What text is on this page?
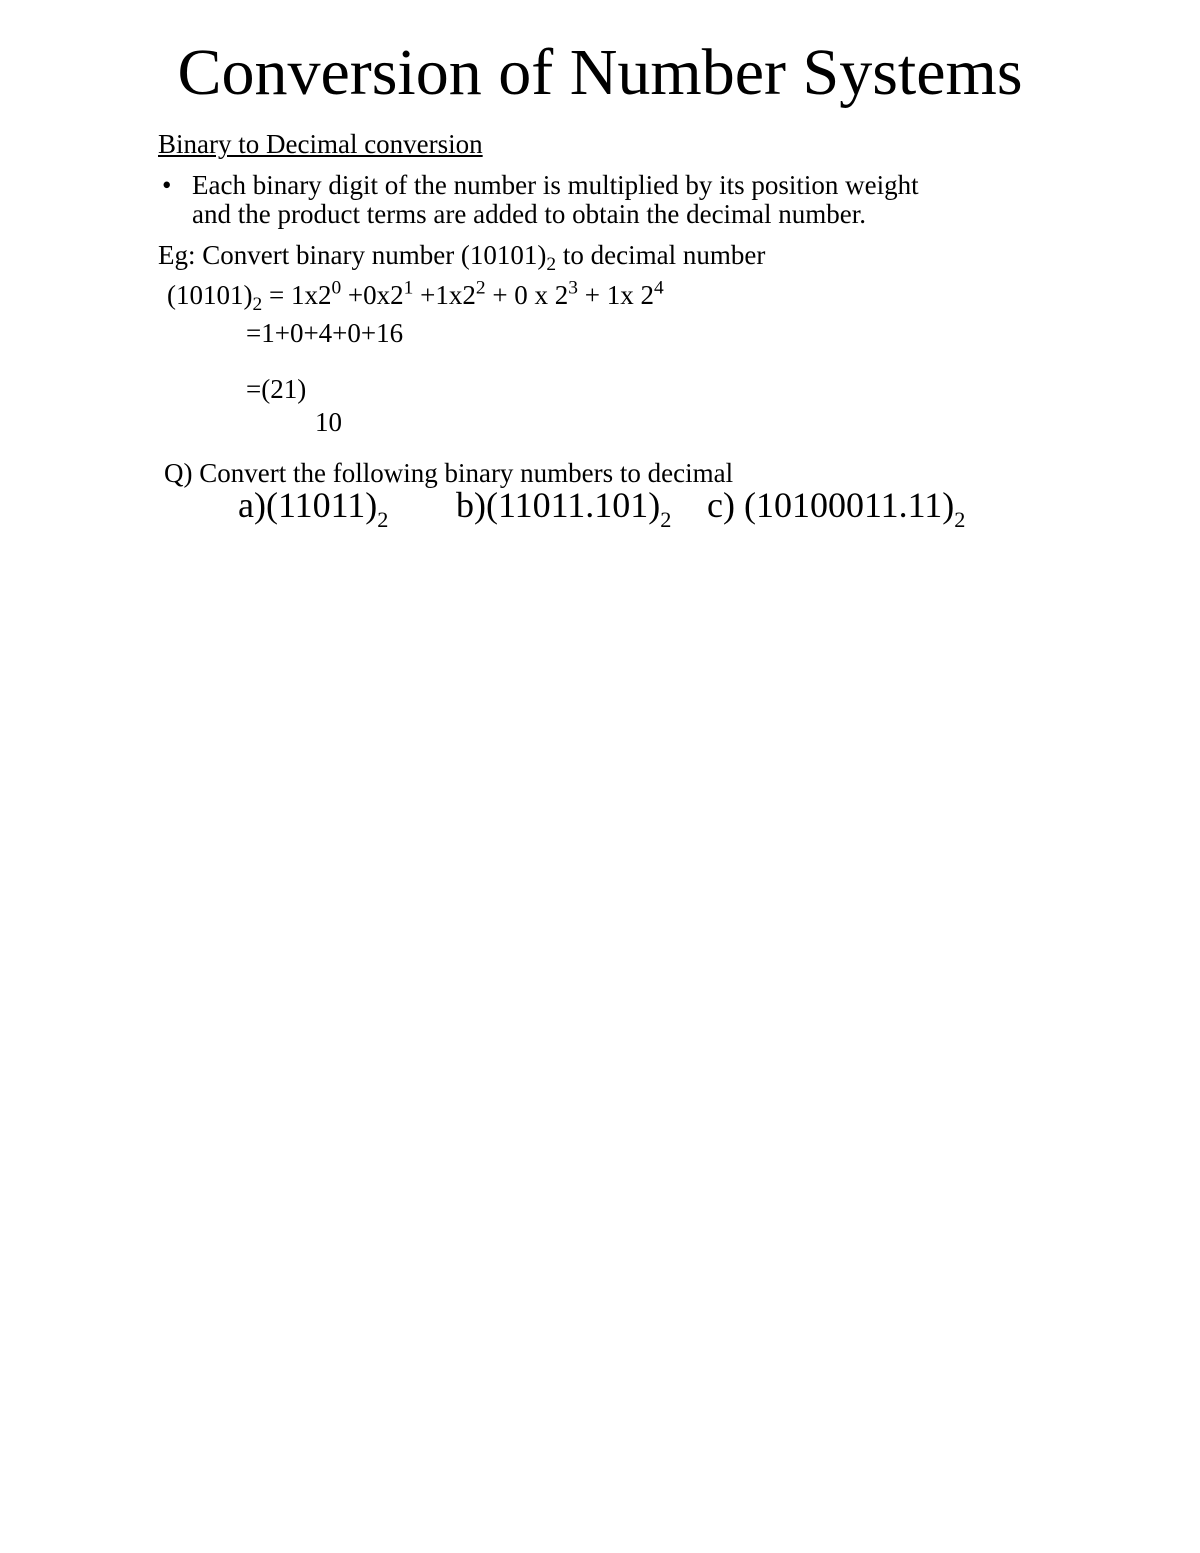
Conversion of Number Systems
Binary to Decimal conversion
• Each binary digit of the number is multiplied by its position weight
and the product terms are added to obtain the decimal number.
Eg: Convert binary number $(10101)_2$ to decimal number
$(10101)_2 = 1x2^0 +0x2^1 +1x2^2 + 0$ x $2^3 + 1x$ $2^4$
=1+0+4+0+16
=(21)
10
Q) Convert the following binary numbers to decimal
$a)(11011)_2$ $b)(11011.101)_2$ c) $(10100011.11)_2$
